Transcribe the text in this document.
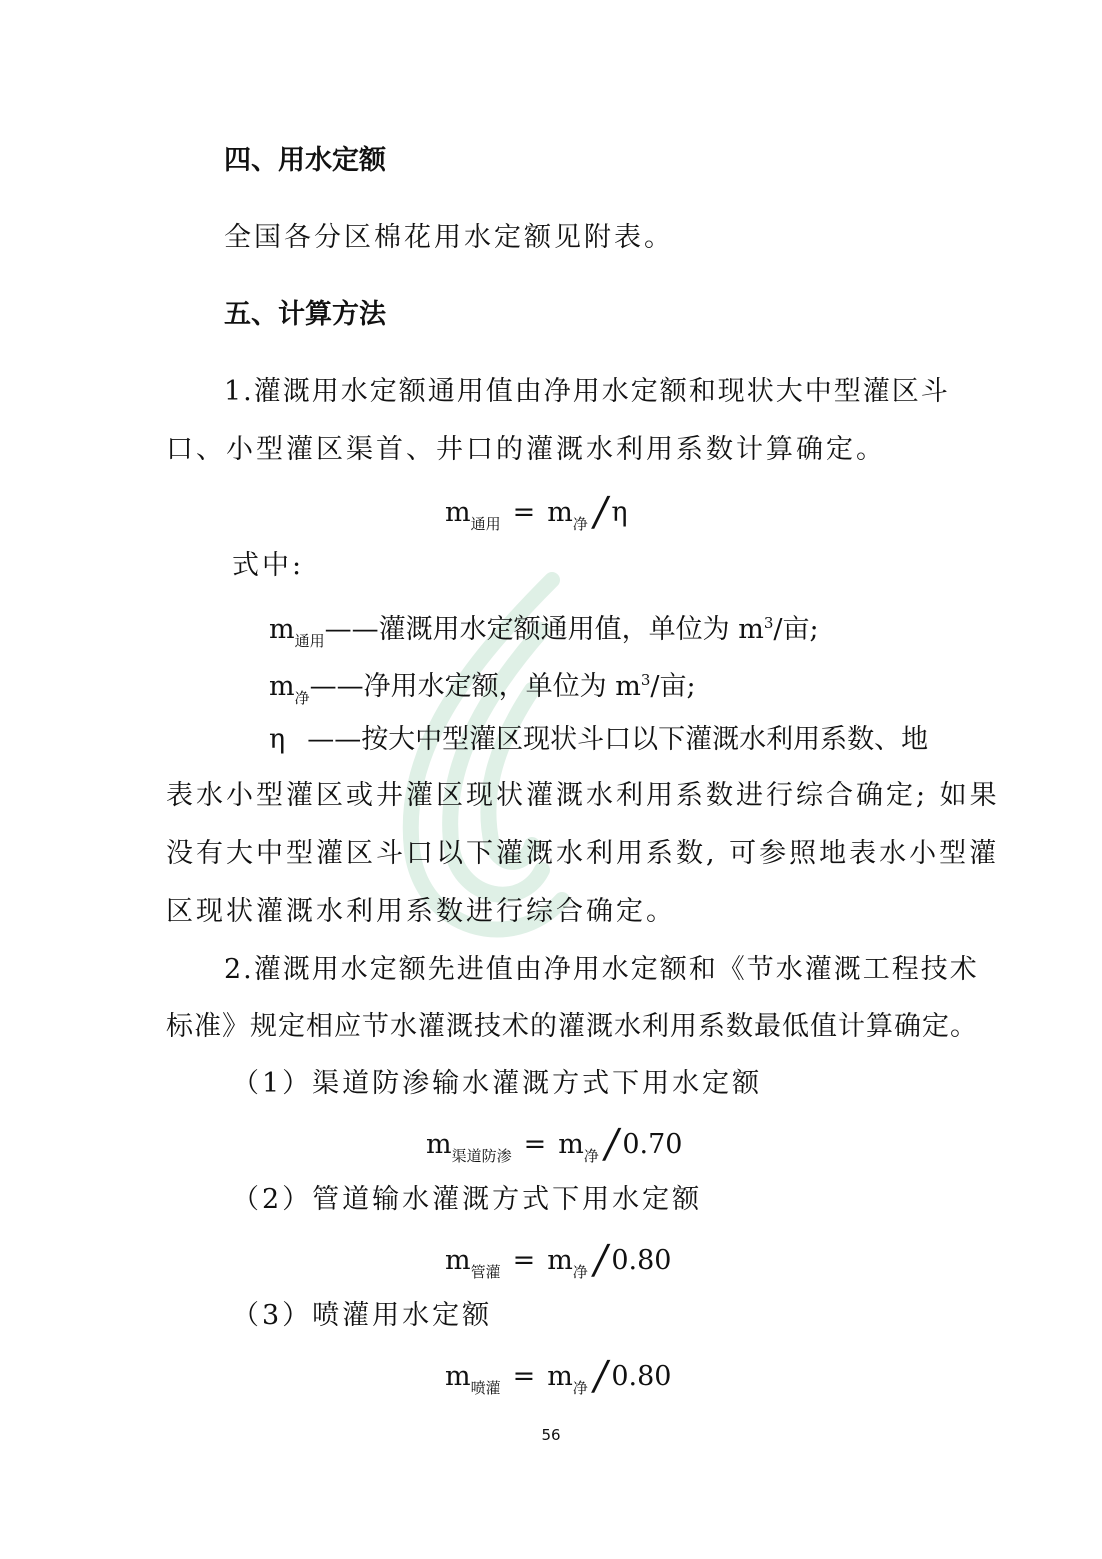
四、用水定额
全国各分区棉花用水定额见附表。
五、计算方法
1.灌溉用水定额通用值由净用水定额和现状大中型灌区斗
口、小型灌区渠首、井口的灌溉水利用系数计算确定。
$m_{通用} = m_净/\eta$
式中:
$m_{通用}——$灌溉用水定额通用值，单位为 $m^3/$亩;
$m_净——$净用水定额，单位为 $m^3/$亩;
η ——按大中型灌区现状斗口以下灌溉水利用系数、地
表水小型灌区或井灌区现状灌溉水利用系数进行综合确定; 如果
没有大中型灌区斗口以下灌溉水利用系数, 可参照地表水小型灌
区现状灌溉水利用系数进行综合确定。
2.灌溉用水定额先进值由净用水定额和《节水灌溉工程技术
标准》规定相应节水灌溉技术的灌溉水利用系数最低值计算确定。
（1）渠道防渗输水灌溉方式下用水定额
$m_{渠道防渗} = m_净/0.70$
（2）管道输水灌溉方式下用水定额
$m_{管灌} = m_净/0.80$
（3）喷灌用水定额
$m_{喷灌} = m_净/0.80$
56
